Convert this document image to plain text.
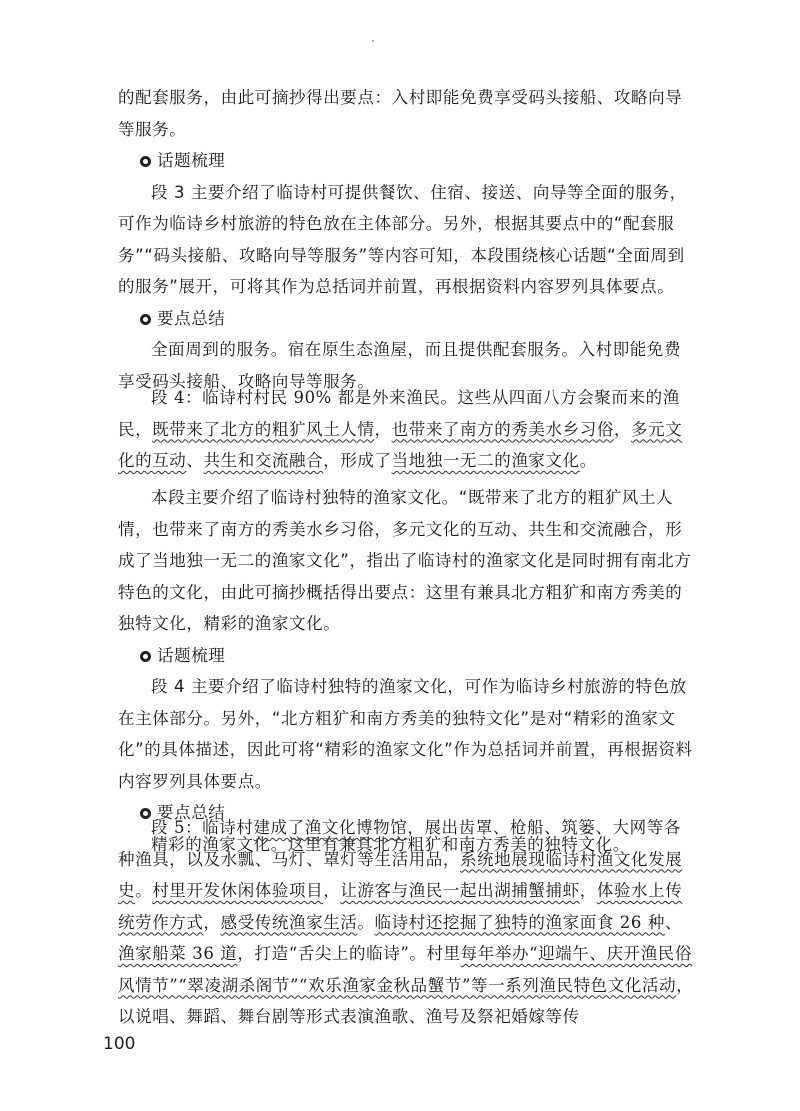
的配套服务，由此可摘抄得出要点：入村即能免费享受码头接船、攻略向导等服务。

话题梳理

段 3 主要介绍了临诗村可提供餐饮、住宿、接送、向导等全面的服务，可作为临诗乡村旅游的特色放在主体部分。另外，根据其要点中的“配套服务”“码头接船、攻略向导等服务”等内容可知，本段围绕核心话题“全面周到的服务”展开，可将其作为总括词并前置，再根据资料内容罗列具体要点。

要点总结

全面周到的服务。宿在原生态渔屋，而且提供配套服务。入村即能免费享受码头接船、攻略向导等服务。

段 4：临诗村村民 90% 都是外来渔民。这些从四面八方会聚而来的渔民，既带来了北方的粗犷风土人情，也带来了南方的秀美水乡习俗，多元文化的互动、共生和交流融合，形成了当地独一无二的渔家文化。

本段主要介绍了临诗村独特的渔家文化。“既带来了北方的粗犷风土人情，也带来了南方的秀美水乡习俗，多元文化的互动、共生和交流融合，形成了当地独一无二的渔家文化”，指出了临诗村的渔家文化是同时拥有南北方特色的文化，由此可摘抄概括得出要点：这里有兼具北方粗犷和南方秀美的独特文化，精彩的渔家文化。

话题梳理

段 4 主要介绍了临诗村独特的渔家文化，可作为临诗乡村旅游的特色放在主体部分。另外，“北方粗犷和南方秀美的独特文化”是对“精彩的渔家文化”的具体描述，因此可将“精彩的渔家文化”作为总括词并前置，再根据资料内容罗列具体要点。

要点总结

精彩的渔家文化。这里有兼具北方粗犷和南方秀美的独特文化。

段 5：临诗村建成了渔文化博物馆，展出齿罩、枪船、筑篓、大网等各种渔具，以及水瓢、马灯、罩灯等生活用品，系统地展现临诗村渔文化发展史。村里开发休闲体验项目，让游客与渔民一起出湖捕蟹捕虾，体验水上传统劳作方式，感受传统渔家生活。临诗村还挖掘了独特的渔家面食 26 种、渔家船菜 36 道，打造“舌尖上的临诗”。村里每年举办“迎端午、庆开渔民俗风情节”“翠凌湖杀阁节”“欢乐渔家金秋品蟹节”等一系列渔民特色文化活动，以说唱、舞蹈、舞台剧等形式表演渔歌、渔号及祭祀婚嫁等传

100
